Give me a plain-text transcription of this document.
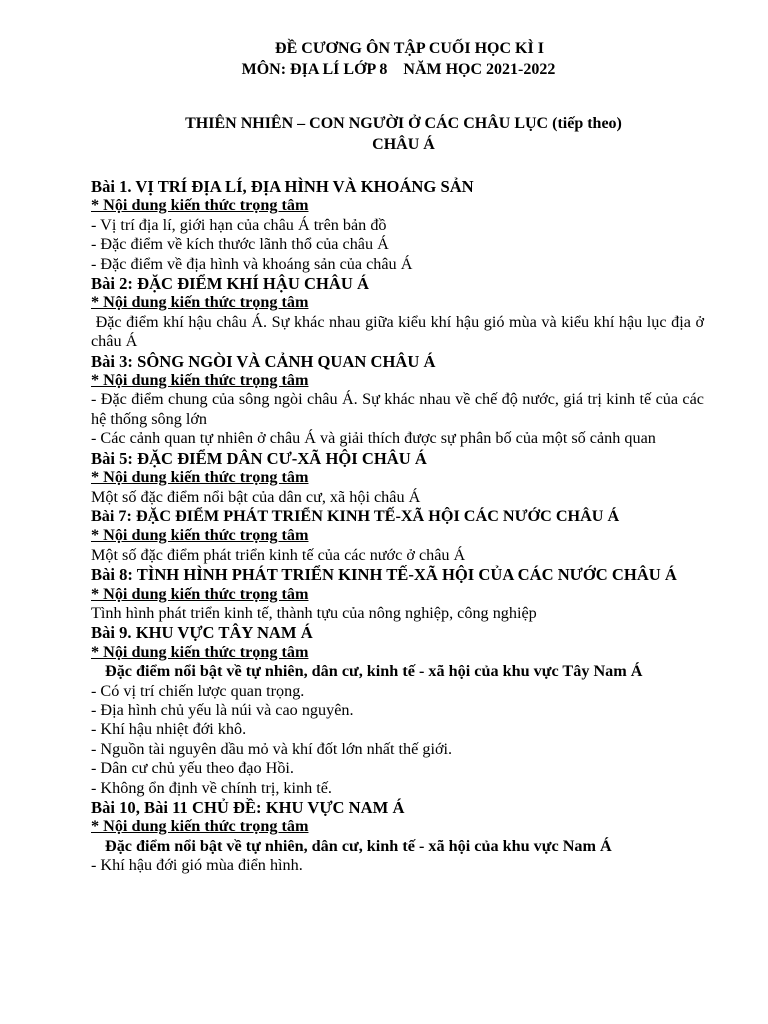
ĐỀ CƯƠNG ÔN TẬP CUỐI HỌC KÌ I
MÔN: ĐỊA LÍ LỚP 8    NĂM HỌC 2021-2022
THIÊN NHIÊN – CON NGƯỜI Ở CÁC CHÂU LỤC (tiếp theo)
CHÂU Á
Bài 1. VỊ TRÍ ĐỊA LÍ, ĐỊA HÌNH VÀ KHOÁNG SẢN
* Nội dung kiến thức trọng tâm
- Vị trí địa lí, giới hạn của châu Á trên bản đồ
- Đặc điểm về kích thước lãnh thổ của châu Á
- Đặc điểm về địa hình và khoáng sản của châu Á
Bài 2: ĐẶC ĐIỂM KHÍ HẬU CHÂU Á
* Nội dung kiến thức trọng tâm
Đặc điểm khí hậu châu Á. Sự khác nhau giữa kiểu khí hậu gió mùa và kiểu khí hậu lục địa ở châu Á
Bài 3: SÔNG NGÒI VÀ CẢNH QUAN CHÂU Á
* Nội dung kiến thức trọng tâm
- Đặc điểm chung của sông ngòi châu Á. Sự khác nhau về chế độ nước, giá trị kinh tế của các hệ thống sông lớn
- Các cảnh quan tự nhiên ở châu Á và giải thích được sự phân bố của một số cảnh quan
Bài 5: ĐẶC ĐIỂM DÂN CƯ-XÃ HỘI CHÂU Á
* Nội dung kiến thức trọng tâm
Một số đặc điểm nổi bật của dân cư, xã hội châu Á
Bài 7: ĐẶC ĐIỂM PHÁT TRIỂN KINH TẾ-XÃ HỘI CÁC NƯỚC CHÂU Á
* Nội dung kiến thức trọng tâm
Một số đặc điểm phát triển kinh tế của các nước ở châu Á
Bài 8: TÌNH HÌNH PHÁT TRIỂN KINH TẾ-XÃ HỘI CỦA CÁC NƯỚC CHÂU Á
* Nội dung kiến thức trọng tâm
Tình hình phát triển kinh tế, thành tựu của nông nghiệp, công nghiệp
Bài 9. KHU VỰC TÂY NAM Á
* Nội dung kiến thức trọng tâm
Đặc điểm nổi bật về tự nhiên, dân cư, kinh tế - xã hội của khu vực Tây Nam Á
- Có vị trí chiến lược quan trọng.
- Địa hình chủ yếu là núi và cao nguyên.
- Khí hậu nhiệt đới khô.
- Nguồn tài nguyên dầu mỏ và khí đốt lớn nhất thế giới.
- Dân cư chủ yếu theo đạo Hồi.
- Không ổn định về chính trị, kinh tế.
Bài 10, Bài 11 CHỦ ĐỀ: KHU VỰC NAM Á
* Nội dung kiến thức trọng tâm
Đặc điểm nổi bật về tự nhiên, dân cư, kinh tế - xã hội của khu vực Nam Á
- Khí hậu đới gió mùa điển hình.
